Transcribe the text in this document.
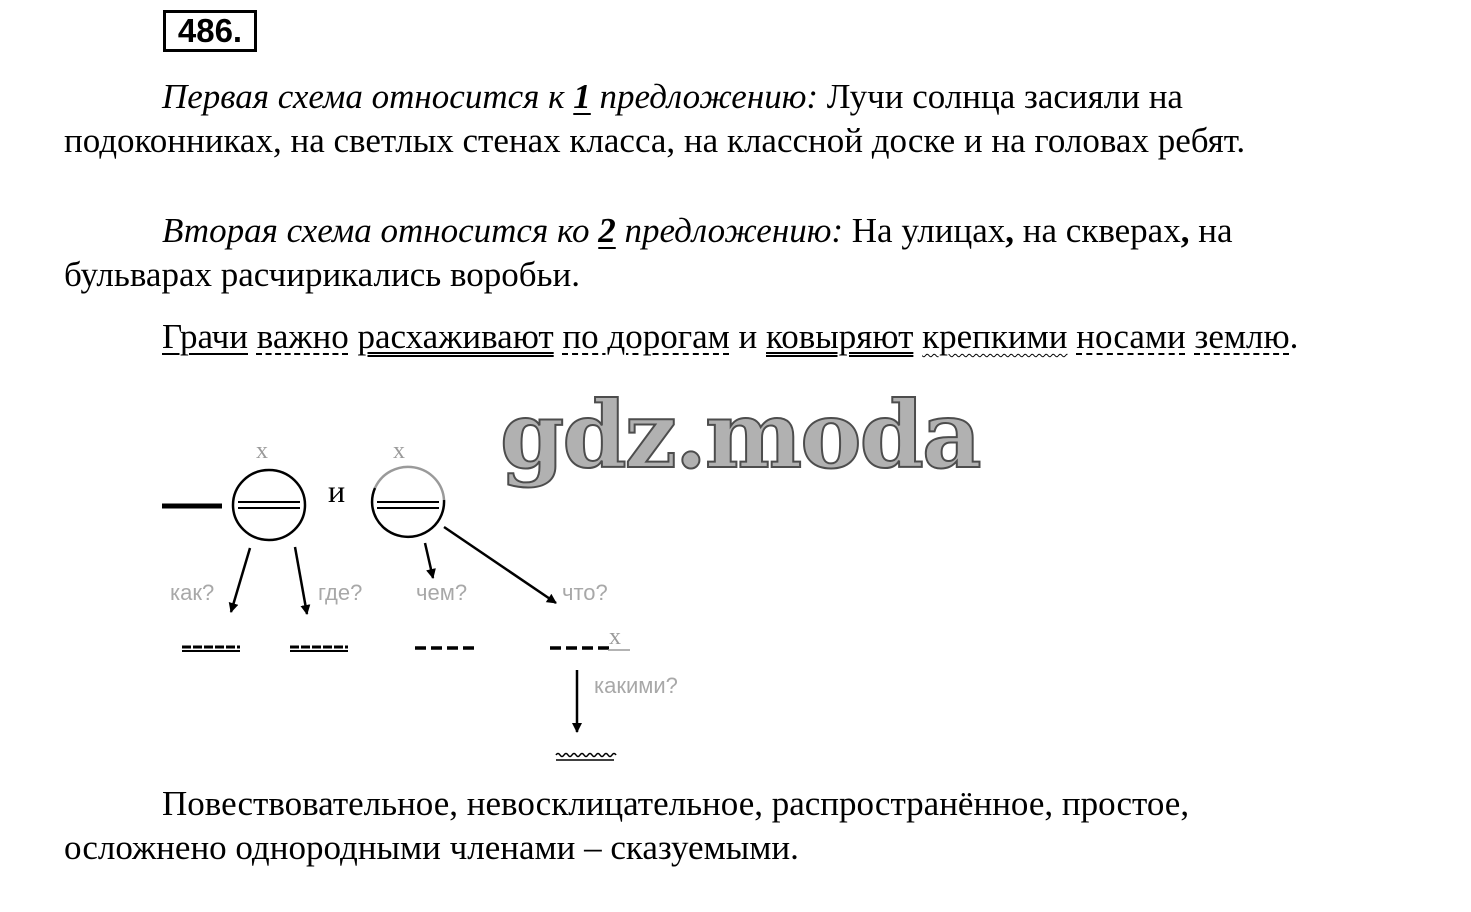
486.

Первая схема относится к 1 предложению: Лучи солнца засияли на подоконниках, на светлых стенах класса, на классной доске и на головах ребят.

Вторая схема относится ко 2 предложению: На улицах, на скверах, на бульварах расчирикались воробьи.

Грачи важно расхаживают по дорогам и ковыряют крепкими носами землю.

gdz.moda
х	х
и
как?	где? чем?	что?
какими?
х

Повествовательное, невосклицательное, распространённое, простое, осложнено однородными членами – сказуемыми.
